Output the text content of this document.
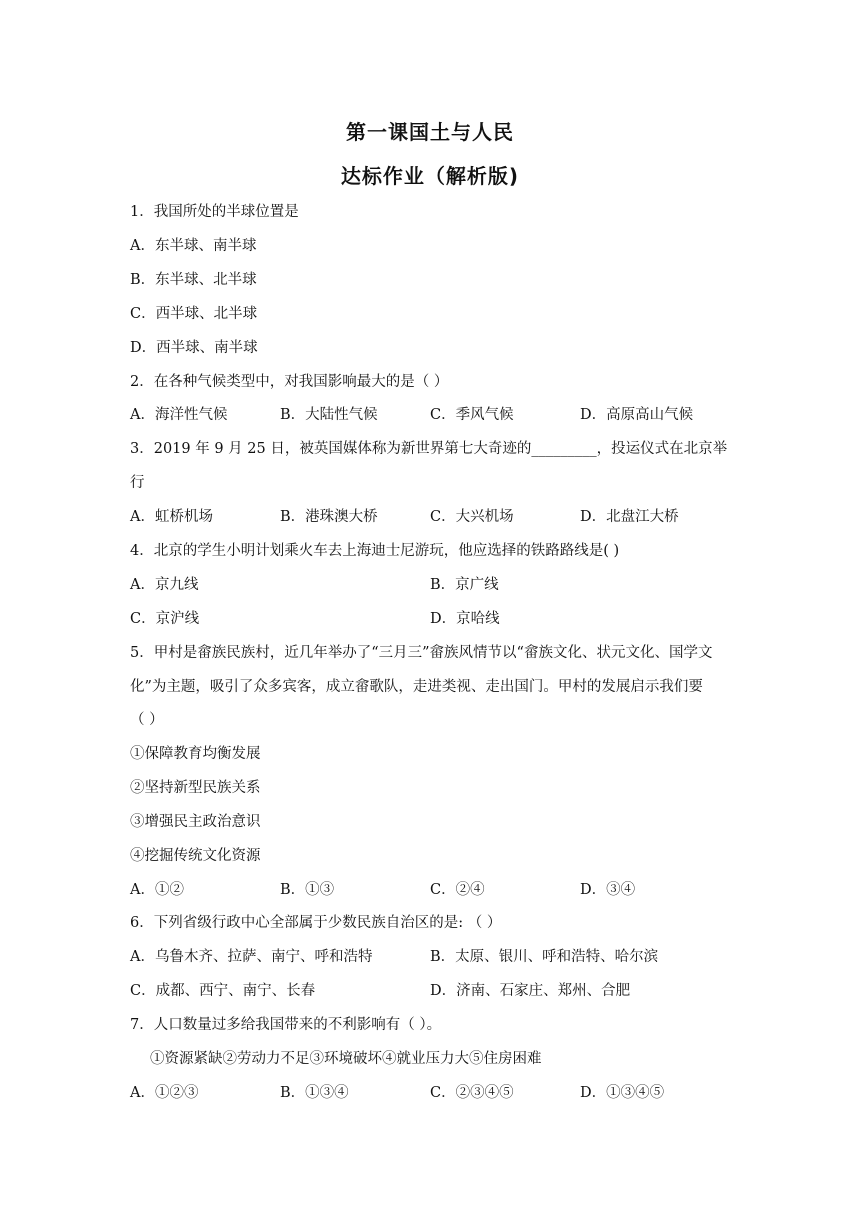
第一课国土与人民
达标作业（解析版)
1．我国所处的半球位置是
A．东半球、南半球
B．东半球、北半球
C．西半球、北半球
D．西半球、南半球
2．在各种气候类型中，对我国影响最大的是（ ）
A．海洋性气候	B．大陆性气候	C．季风气候	D．高原高山气候
3．2019 年 9 月 25 日，被英国媒体称为新世界第七大奇迹的_________，投运仪式在北京举
行
A．虹桥机场	B．港珠澳大桥	C．大兴机场	D．北盘江大桥
4．北京的学生小明计划乘火车去上海迪士尼游玩，他应选择的铁路路线是( )
A．京九线	B．京广线
C．京沪线	D．京哈线
5．甲村是畲族民族村，近几年举办了“三月三”畲族风情节以“畲族文化、状元文化、国学文
化”为主题，吸引了众多宾客，成立畲歌队，走进类视、走出国门。甲村的发展启示我们要
（ ）
①保障教育均衡发展
②坚持新型民族关系
③增强民主政治意识
④挖掘传统文化资源
A．①②	B．①③	C．②④	D．③④
6．下列省级行政中心全部属于少数民族自治区的是: （ ）
A．乌鲁木齐、拉萨、南宁、呼和浩特	B．太原、银川、呼和浩特、哈尔滨
C．成都、西宁、南宁、长春	D．济南、石家庄、郑州、合肥
7．人口数量过多给我国带来的不利影响有（ ）。
①资源紧缺②劳动力不足③环境破坏④就业压力大⑤住房困难
A．①②③	B．①③④	C．②③④⑤	D．①③④⑤
